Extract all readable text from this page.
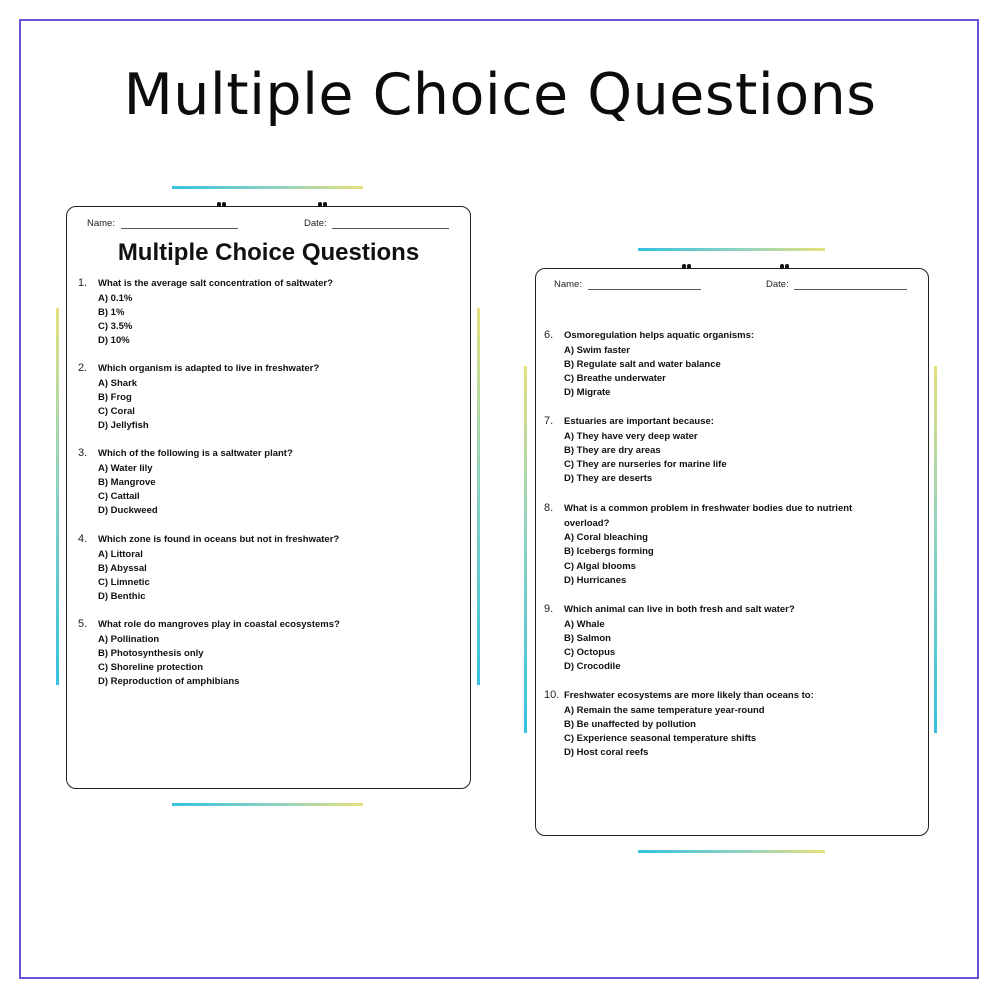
Multiple Choice Questions
Name:	Date:
Multiple Choice Questions
1. What is the average salt concentration of saltwater?
A) 0.1%
B) 1%
C) 3.5%
D) 10%
2. Which organism is adapted to live in freshwater?
A) Shark
B) Frog
C) Coral
D) Jellyfish
3. Which of the following is a saltwater plant?
A) Water lily
B) Mangrove
C) Cattail
D) Duckweed
4. Which zone is found in oceans but not in freshwater?
A) Littoral
B) Abyssal
C) Limnetic
D) Benthic
5. What role do mangroves play in coastal ecosystems?
A) Pollination
B) Photosynthesis only
C) Shoreline protection
D) Reproduction of amphibians
Name:	Date:
6. Osmoregulation helps aquatic organisms:
A) Swim faster
B) Regulate salt and water balance
C) Breathe underwater
D) Migrate
7. Estuaries are important because:
A) They have very deep water
B) They are dry areas
C) They are nurseries for marine life
D) They are deserts
8. What is a common problem in freshwater bodies due to nutrient
overload?
A) Coral bleaching
B) Icebergs forming
C) Algal blooms
D) Hurricanes
9. Which animal can live in both fresh and salt water?
A) Whale
B) Salmon
C) Octopus
D) Crocodile
10. Freshwater ecosystems are more likely than oceans to:
A) Remain the same temperature year-round
B) Be unaffected by pollution
C) Experience seasonal temperature shifts
D) Host coral reefs
